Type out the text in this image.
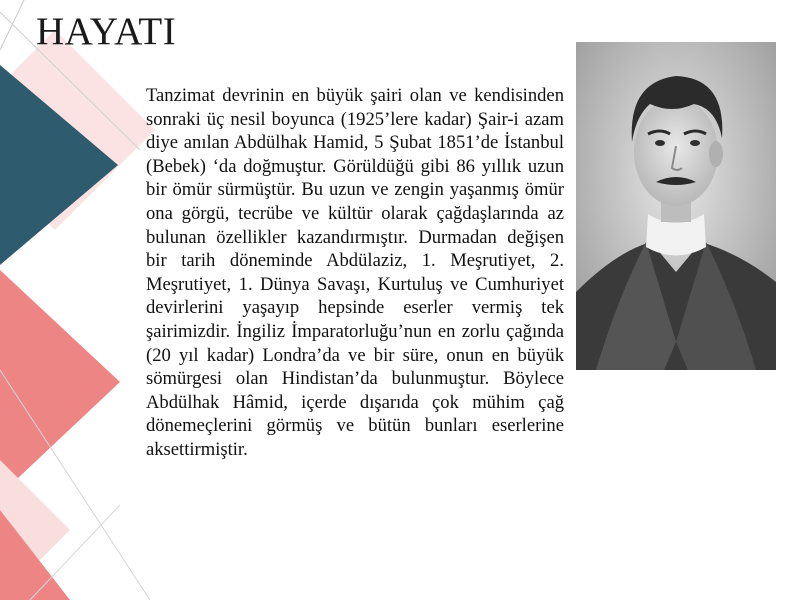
HAYATI

Tanzimat devrinin en büyük şairi olan ve kendisinden sonraki üç nesil boyunca (1925’lere kadar) Şair-i azam diye anılan Abdülhak Hamid, 5 Şubat 1851’de İstanbul (Bebek) ‘da doğmuştur. Görüldüğü gibi 86 yıllık uzun bir ömür sürmüştür. Bu uzun ve zengin yaşanmış ömür ona görgü, tecrübe ve kültür olarak çağdaşlarında az bulunan özellikler kazandırmıştır. Durmadan değişen bir tarih döneminde Abdülaziz, 1. Meşrutiyet, 2. Meşrutiyet, 1. Dünya Savaşı, Kurtuluş ve Cumhuriyet devirlerini yaşayıp hepsinde eserler vermiş tek şairimizdir. İngiliz İmparatorluğu’nun en zorlu çağında (20 yıl kadar) Londra’da ve bir süre, onun en büyük sömürgesi olan Hindistan’da bulunmuştur. Böylece Abdülhak Hâmid, içerde dışarıda çok mühim çağ dönemeçlerini görmüş ve bütün bunları eserlerine aksettirmiştir.
